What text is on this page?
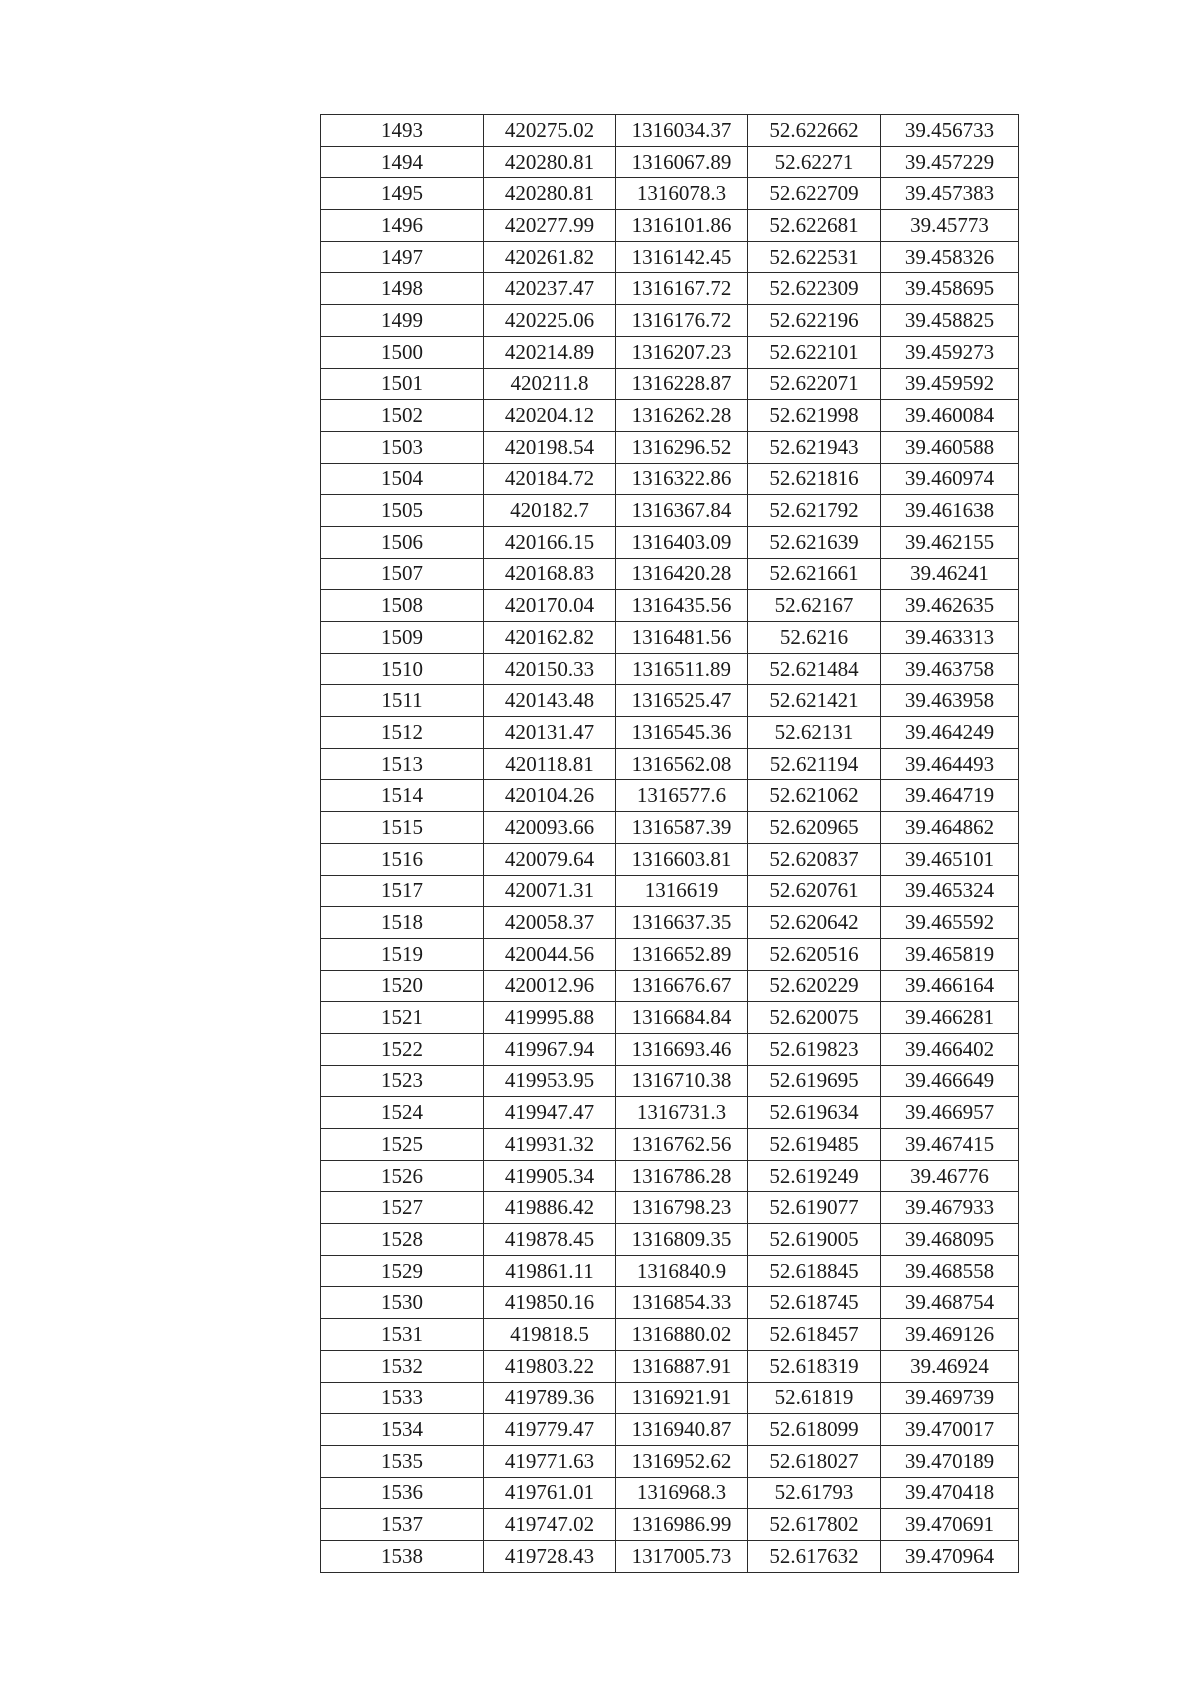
1493	420275.02	1316034.37	52.622662	39.456733
1494	420280.81	1316067.89	52.62271	39.457229
1495	420280.81	1316078.3	52.622709	39.457383
1496	420277.99	1316101.86	52.622681	39.45773
1497	420261.82	1316142.45	52.622531	39.458326
1498	420237.47	1316167.72	52.622309	39.458695
1499	420225.06	1316176.72	52.622196	39.458825
1500	420214.89	1316207.23	52.622101	39.459273
1501	420211.8	1316228.87	52.622071	39.459592
1502	420204.12	1316262.28	52.621998	39.460084
1503	420198.54	1316296.52	52.621943	39.460588
1504	420184.72	1316322.86	52.621816	39.460974
1505	420182.7	1316367.84	52.621792	39.461638
1506	420166.15	1316403.09	52.621639	39.462155
1507	420168.83	1316420.28	52.621661	39.46241
1508	420170.04	1316435.56	52.62167	39.462635
1509	420162.82	1316481.56	52.6216	39.463313
1510	420150.33	1316511.89	52.621484	39.463758
1511	420143.48	1316525.47	52.621421	39.463958
1512	420131.47	1316545.36	52.62131	39.464249
1513	420118.81	1316562.08	52.621194	39.464493
1514	420104.26	1316577.6	52.621062	39.464719
1515	420093.66	1316587.39	52.620965	39.464862
1516	420079.64	1316603.81	52.620837	39.465101
1517	420071.31	1316619	52.620761	39.465324
1518	420058.37	1316637.35	52.620642	39.465592
1519	420044.56	1316652.89	52.620516	39.465819
1520	420012.96	1316676.67	52.620229	39.466164
1521	419995.88	1316684.84	52.620075	39.466281
1522	419967.94	1316693.46	52.619823	39.466402
1523	419953.95	1316710.38	52.619695	39.466649
1524	419947.47	1316731.3	52.619634	39.466957
1525	419931.32	1316762.56	52.619485	39.467415
1526	419905.34	1316786.28	52.619249	39.46776
1527	419886.42	1316798.23	52.619077	39.467933
1528	419878.45	1316809.35	52.619005	39.468095
1529	419861.11	1316840.9	52.618845	39.468558
1530	419850.16	1316854.33	52.618745	39.468754
1531	419818.5	1316880.02	52.618457	39.469126
1532	419803.22	1316887.91	52.618319	39.46924
1533	419789.36	1316921.91	52.61819	39.469739
1534	419779.47	1316940.87	52.618099	39.470017
1535	419771.63	1316952.62	52.618027	39.470189
1536	419761.01	1316968.3	52.61793	39.470418
1537	419747.02	1316986.99	52.617802	39.470691
1538	419728.43	1317005.73	52.617632	39.470964
